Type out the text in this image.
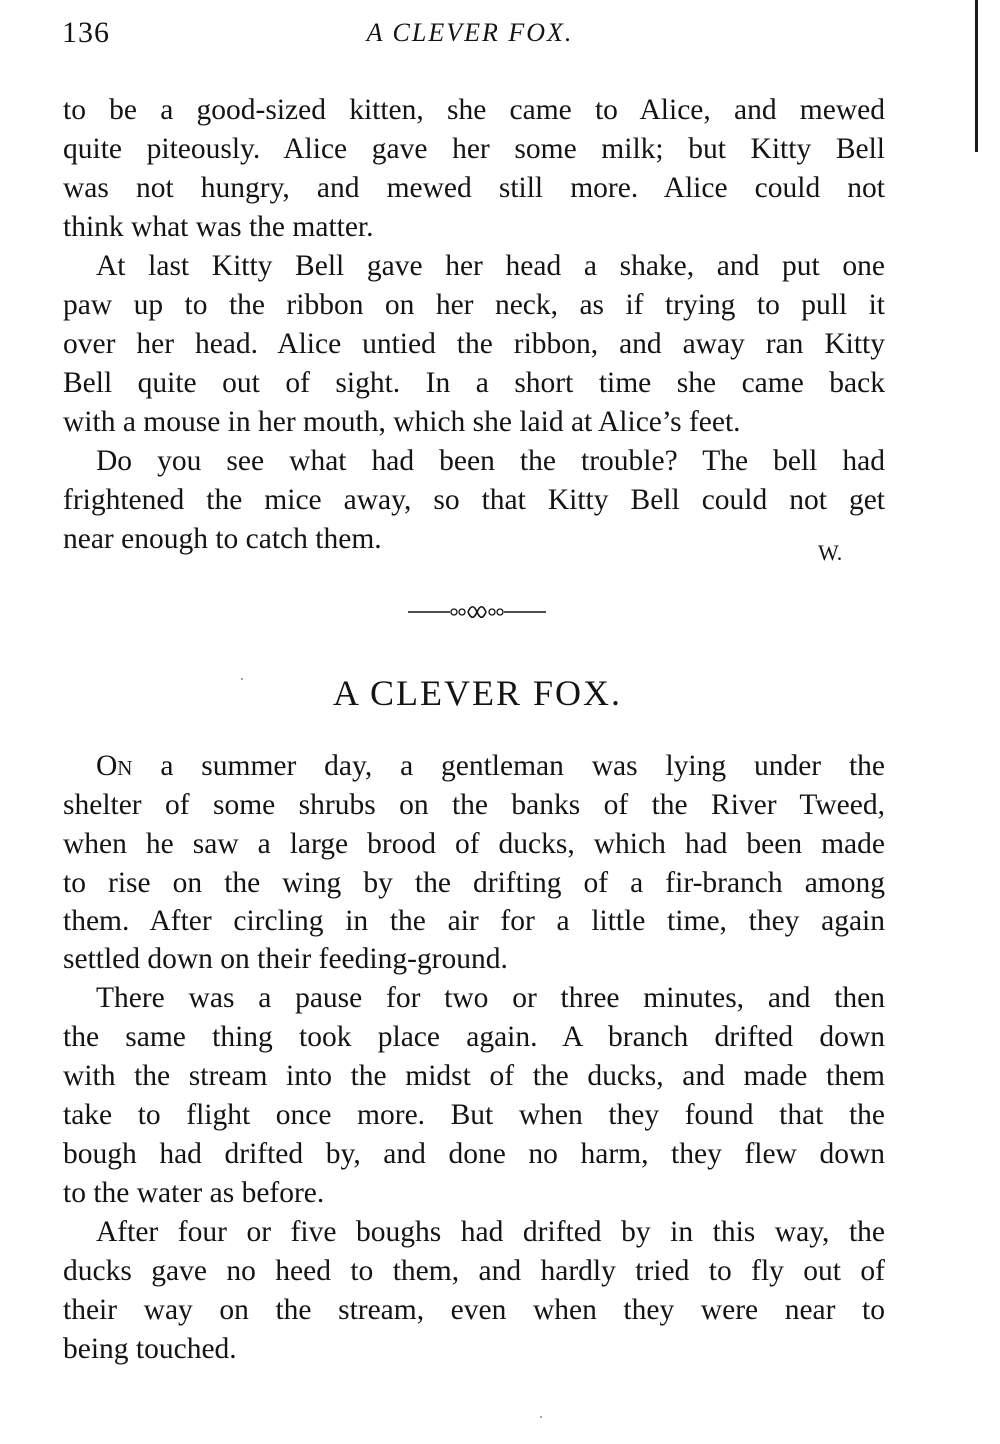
136	A CLEVER FOX.
to be a good-sized kitten, she came to Alice, and mewed
quite piteously. Alice gave her some milk; but Kitty Bell
was not hungry, and mewed still more. Alice could not
think what was the matter.
At last Kitty Bell gave her head a shake, and put one
paw up to the ribbon on her neck, as if trying to pull it
over her head. Alice untied the ribbon, and away ran Kitty
Bell quite out of sight. In a short time she came back
with a mouse in her mouth, which she laid at Alice’s feet.
Do you see what had been the trouble? The bell had
frightened the mice away, so that Kitty Bell could not get
near enough to catch them.	W.
A CLEVER FOX.
On a summer day, a gentleman was lying under the
shelter of some shrubs on the banks of the River Tweed,
when he saw a large brood of ducks, which had been made
to rise on the wing by the drifting of a fir-branch among
them. After circling in the air for a little time, they again
settled down on their feeding-ground.
There was a pause for two or three minutes, and then
the same thing took place again. A branch drifted down
with the stream into the midst of the ducks, and made them
take to flight once more. But when they found that the
bough had drifted by, and done no harm, they flew down
to the water as before.
After four or five boughs had drifted by in this way, the
ducks gave no heed to them, and hardly tried to fly out of
their way on the stream, even when they were near to
being touched.
